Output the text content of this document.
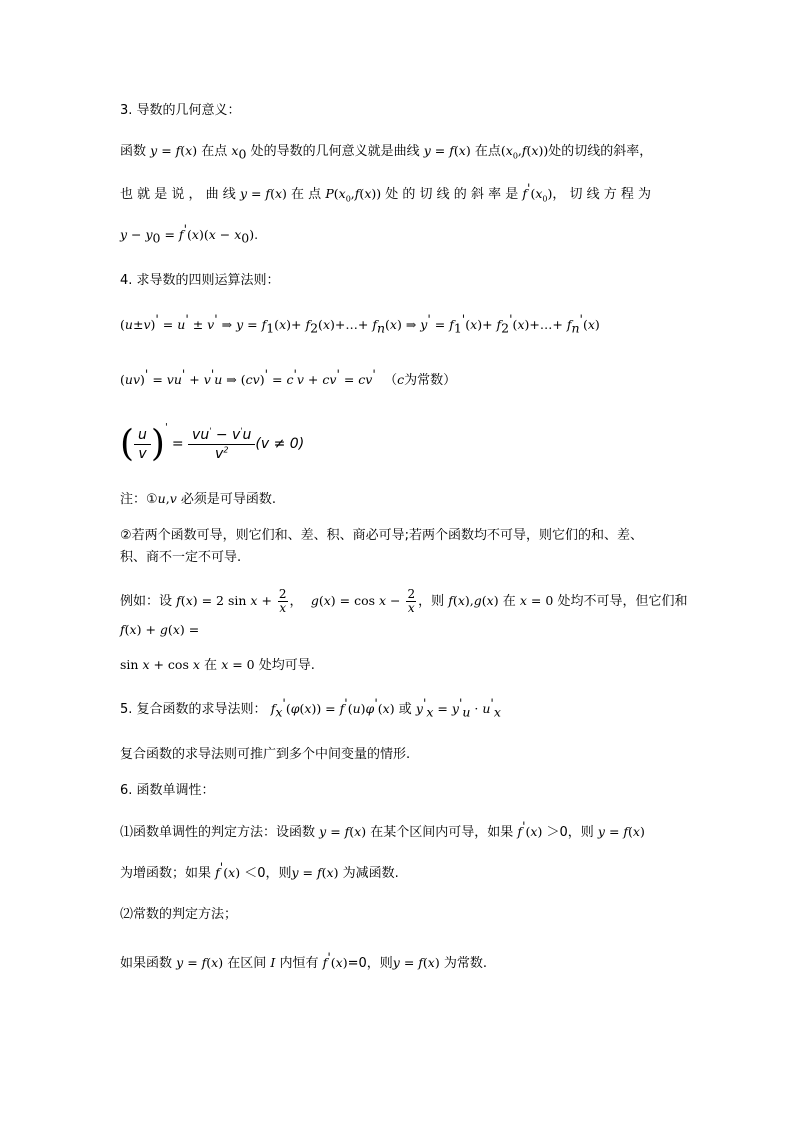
3. 导数的几何意义：
函数 y = f(x) 在点 $x_0$ 处的导数的几何意义就是曲线 y = f(x) 在点$(x_0,f(x))$处的切线的斜率，
也 就 是 说 ， 曲 线 y = f(x) 在 点 $P(x_0,f(x))$ 处 的 切 线 的 斜 率 是 $f'(x_0)$， 切 线 方 程 为
$y - y_0 = f'(x)(x - x_0)$.
4. 求导数的四则运算法则：
(u±v)' = u' ± v' ⇒ $y = f_1(x)+$ $f_2(x)+\dots+ f_n(x)$ ⇒ $y' = f_1'(x)+$ $f_2'(x)+\dots+ f_n'(x)$
(uv)' = vu' + v'u ⇒ (cv)' = c'v + cv' = cv' （c为常数）
( $\frac{u}{v} )' = \frac{vu' - v'u}{v^2} (v \ne 0)$
注：①u,v 必须是可导函数.
②若两个函数可导，则它们和、差、积、商必可导;若两个函数均不可导，则它们的和、差、
积、商不一定不可导.
例如：设 f(x) = 2 $\sin x + \frac{2}{x}$ ，  $g(x) = \cos x - \frac{2}{x}$ ，则 f(x),g(x) 在 x = 0 处均不可导，但它们和
f(x) + g(x) =
sin x + cos x 在 x = 0 处均可导.
5. 复合函数的求导法则： $f_x'(\varphi(x)) = f'(u)\varphi'(x)$ 或 $y'_x = y'_u \cdot u'_x$
复合函数的求导法则可推广到多个中间变量的情形.
6. 函数单调性：
⑴函数单调性的判定方法：设函数 y = f(x) 在某个区间内可导，如果 f'(x) ＞0，则 y = f(x)
为增函数；如果 f'(x) ＜0，则y = f(x) 为减函数.
⑵常数的判定方法；
如果函数 y = f(x) 在区间 I 内恒有 f'(x)=0，则y = f(x) 为常数.
